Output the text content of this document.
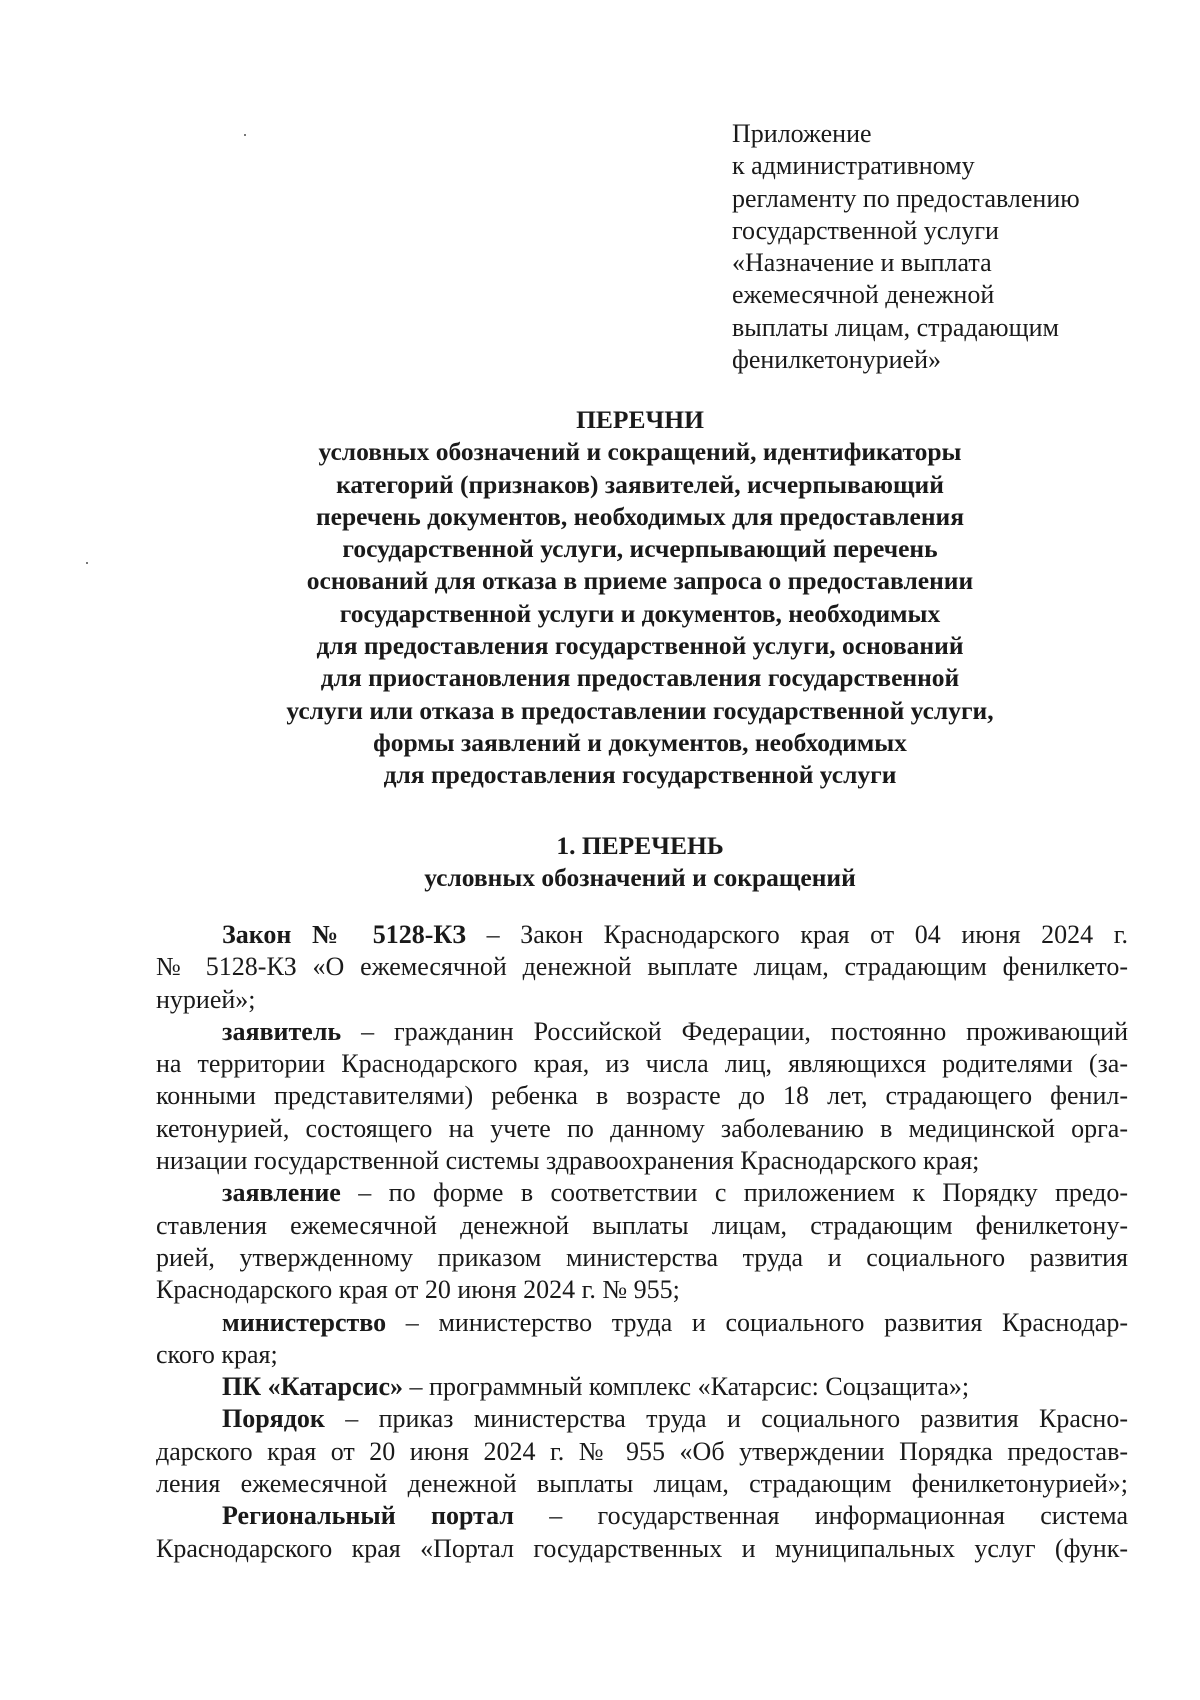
Приложение
к административному
регламенту по предоставлению
государственной услуги
«Назначение и выплата
ежемесячной денежной
выплаты лицам, страдающим
фенилкетонурией»
ПЕРЕЧНИ
условных обозначений и сокращений, идентификаторы
категорий (признаков) заявителей, исчерпывающий
перечень документов, необходимых для предоставления
государственной услуги, исчерпывающий перечень
оснований для отказа в приеме запроса о предоставлении
государственной услуги и документов, необходимых
для предоставления государственной услуги, оснований
для приостановления предоставления государственной
услуги или отказа в предоставлении государственной услуги,
формы заявлений и документов, необходимых
для предоставления государственной услуги
1. ПЕРЕЧЕНЬ
условных обозначений и сокращений
Закон № 5128-КЗ – Закон Краснодарского края от 04 июня 2024 г.
№ 5128-КЗ «О ежемесячной денежной выплате лицам, страдающим фенилкето-
нурией»;
заявитель – гражданин Российской Федерации, постоянно проживающий
на территории Краснодарского края, из числа лиц, являющихся родителями (за-
конными представителями) ребенка в возрасте до 18 лет, страдающего фенил-
кетонурией, состоящего на учете по данному заболеванию в медицинской орга-
низации государственной системы здравоохранения Краснодарского края;
заявление – по форме в соответствии с приложением к Порядку предо-
ставления ежемесячной денежной выплаты лицам, страдающим фенилкетону-
рией, утвержденному приказом министерства труда и социального развития
Краснодарского края от 20 июня 2024 г. № 955;
министерство – министерство труда и социального развития Краснодар-
ского края;
ПК «Катарсис» – программный комплекс «Катарсис: Соцзащита»;
Порядок – приказ министерства труда и социального развития Красно-
дарского края от 20 июня 2024 г. № 955 «Об утверждении Порядка предостав-
ления ежемесячной денежной выплаты лицам, страдающим фенилкетонурией»;
Региональный портал – государственная информационная система
Краснодарского края «Портал государственных и муниципальных услуг (функ-
